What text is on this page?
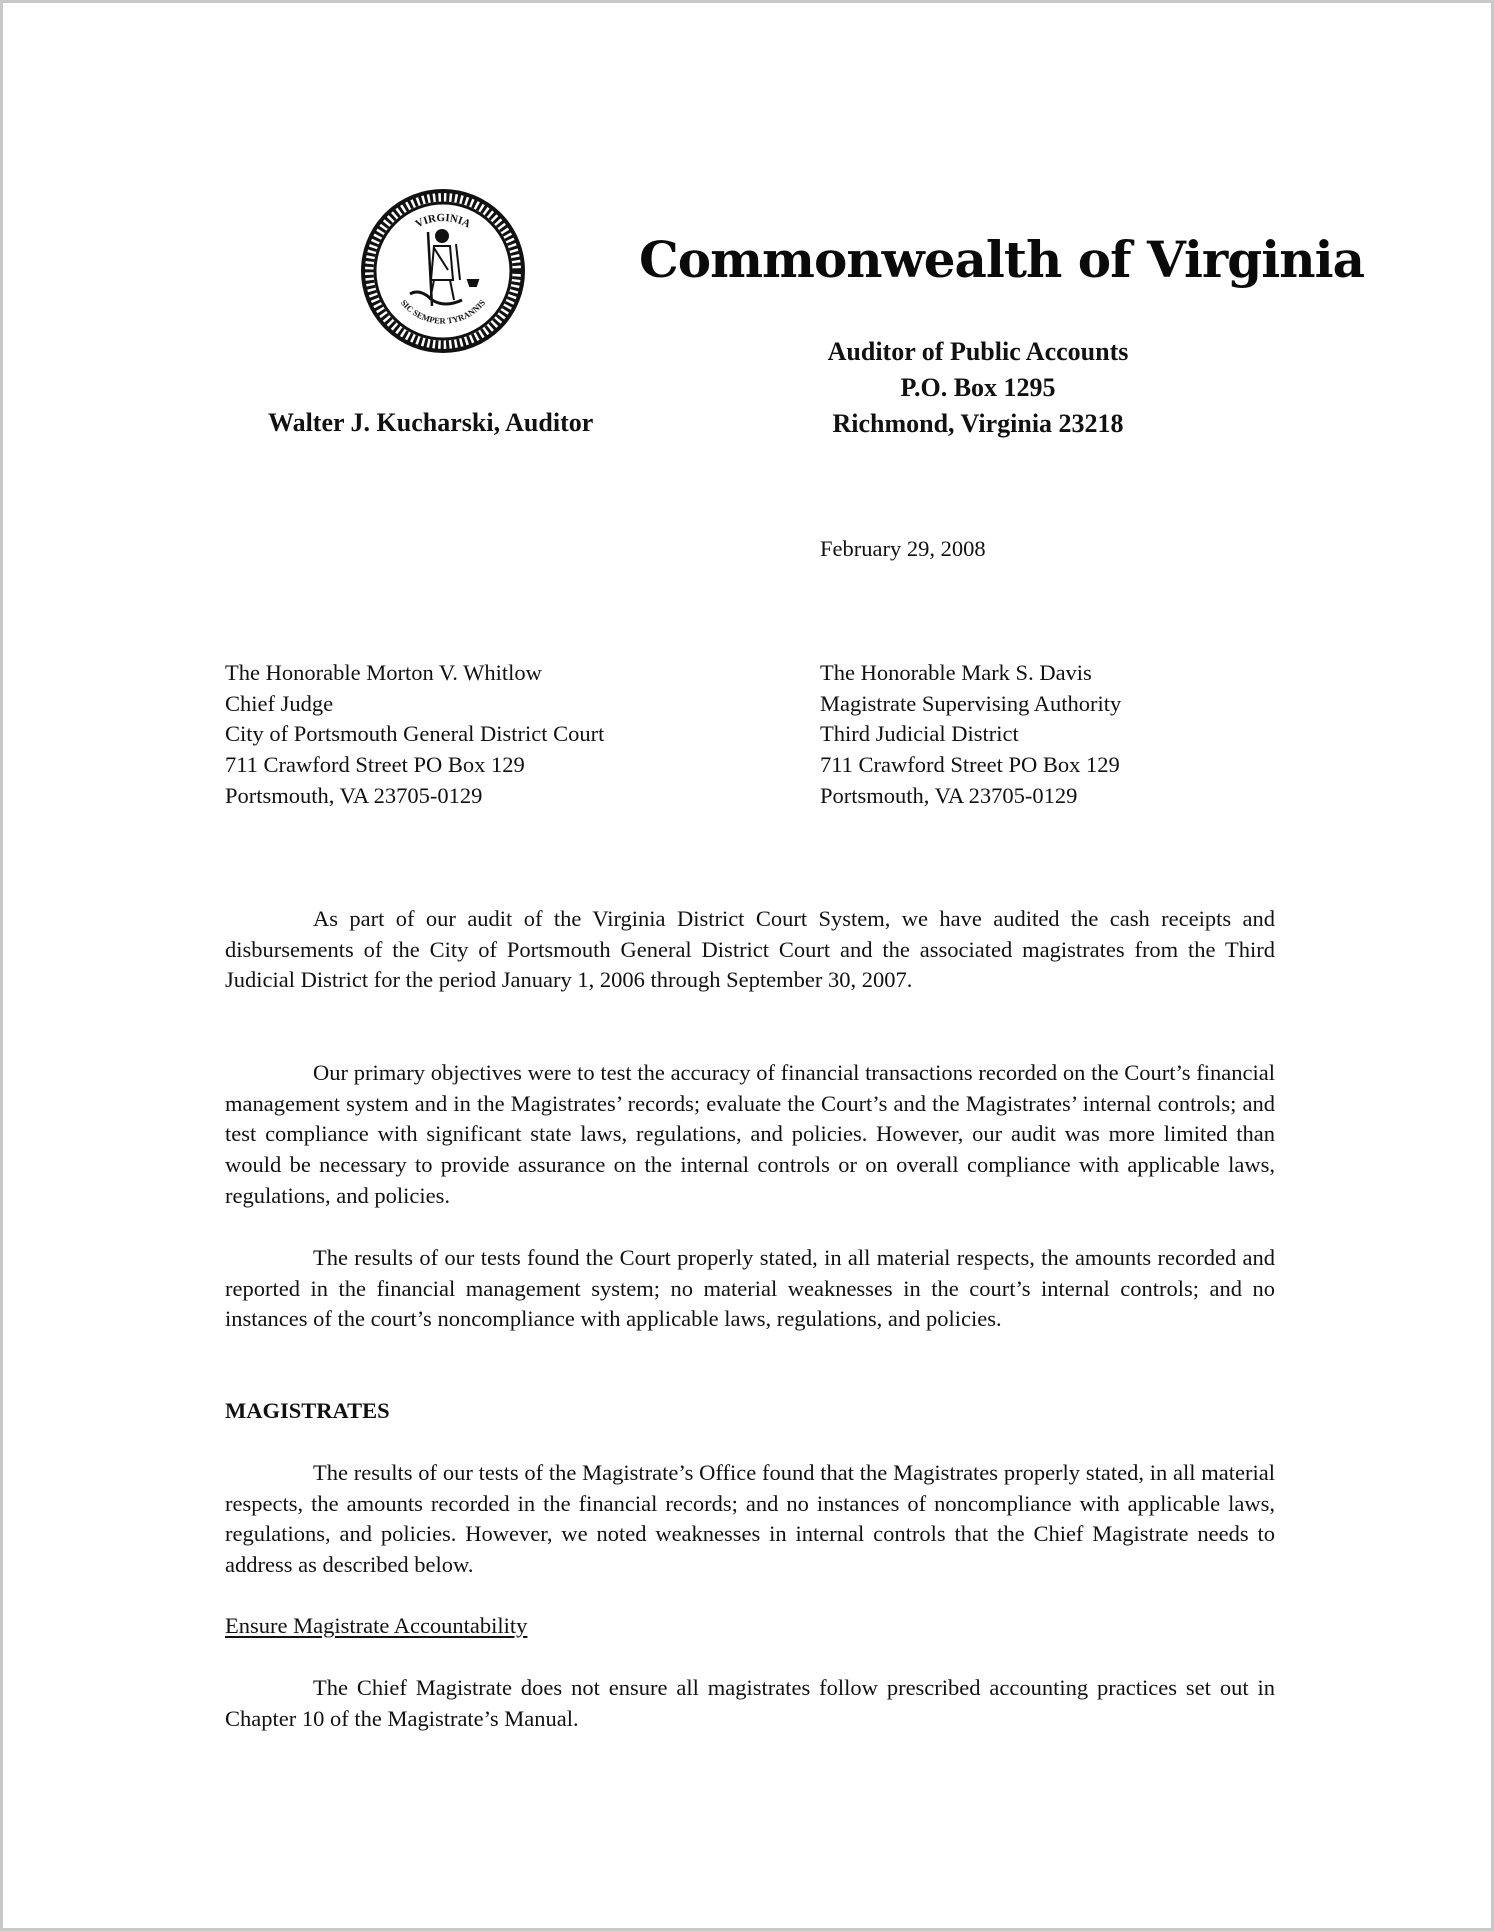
VIRGINIA
SIC SEMPER TYRANNIS
Commonwealth of Virginia
Auditor of Public Accounts
P.O. Box 1295
Richmond, Virginia 23218
Walter J. Kucharski, Auditor
February 29, 2008
The Honorable Morton V. Whitlow
Chief Judge
City of Portsmouth General District Court
711 Crawford Street PO Box 129
Portsmouth, VA 23705-0129
The Honorable Mark S. Davis
Magistrate Supervising Authority
Third Judicial District
711 Crawford Street PO Box 129
Portsmouth, VA 23705-0129

As part of our audit of the Virginia District Court System, we have audited the cash receipts and disbursements of the City of Portsmouth General District Court and the associated magistrates from the Third Judicial District for the period January 1, 2006 through September 30, 2007.

Our primary objectives were to test the accuracy of financial transactions recorded on the Court’s financial management system and in the Magistrates’ records; evaluate the Court’s and the Magistrates’ internal controls; and test compliance with significant state laws, regulations, and policies. However, our audit was more limited than would be necessary to provide assurance on the internal controls or on overall compliance with applicable laws, regulations, and policies.

The results of our tests found the Court properly stated, in all material respects, the amounts recorded and reported in the financial management system; no material weaknesses in the court’s internal controls; and no instances of the court’s noncompliance with applicable laws, regulations, and policies.

MAGISTRATES

The results of our tests of the Magistrate’s Office found that the Magistrates properly stated, in all material respects, the amounts recorded in the financial records; and no instances of noncompliance with applicable laws, regulations, and policies. However, we noted weaknesses in internal controls that the Chief Magistrate needs to address as described below.

Ensure Magistrate Accountability

The Chief Magistrate does not ensure all magistrates follow prescribed accounting practices set out in Chapter 10 of the Magistrate’s Manual.
